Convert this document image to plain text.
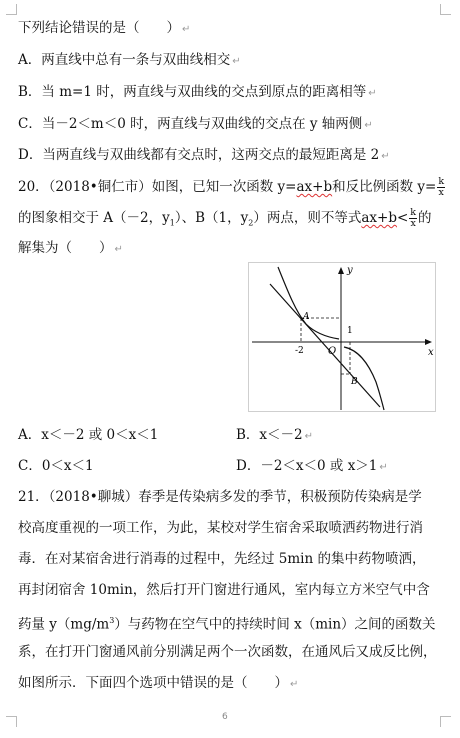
下列结论错误的是（　　） ↵
A．两直线中总有一条与双曲线相交 ↵
B．当 m=1 时，两直线与双曲线的交点到原点的距离相等 ↵
C．当－2＜m＜0 时，两直线与双曲线的交点在 y 轴两侧 ↵
D．当两直线与双曲线都有交点时，这两交点的最短距离是 2 ↵
20．（2018•铜仁市）如图，已知一次函数 y=ax+b和反比例函数 $y= \frac{k}{x}$
的图象相交于 A（－2，$y_1$）、B（1，$y_2$）两点，则不等式$ax+b< \frac{k}{x}$ 的
解集为（　　） ↵
y
x
O
A
B
-2
1
A．x＜－2 或 0＜x＜1	B．x＜－2 ↵
C．0＜x＜1	D．－2＜x＜0 或 x＞1 ↵
21．（2018•聊城）春季是传染病多发的季节，积极预防传染病是学
校高度重视的一项工作，为此，某校对学生宿舍采取喷洒药物进行消
毒．在对某宿舍进行消毒的过程中，先经过 5min 的集中药物喷洒，
再封闭宿舍 10min，然后打开门窗进行通风，室内每立方米空气中含
药量 $y(mg/m^3)$与药物在空气中的持续时间 x（min）之间的函数关
系，在打开门窗通风前分别满足两个一次函数，在通风后又成反比例，
如图所示．下面四个选项中错误的是（　　） ↵
6
